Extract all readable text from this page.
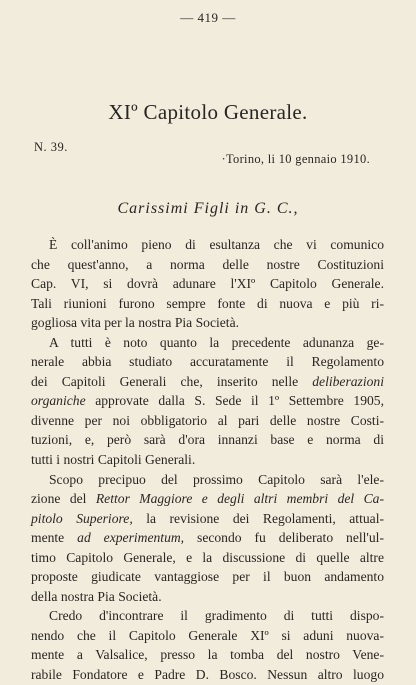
— 419 —
XIº Capitolo Generale.
N. 39.
·Torino, li 10 gennaio 1910.
Carissimi Figli in G. C.,
È coll'animo pieno di esultanza che vi comunico
che quest'anno, a norma delle nostre Costituzioni
Cap. VI, si dovrà adunare l'XIº Capitolo Generale.
Tali riunioni furono sempre fonte di nuova e più ri-
gogliosa vita per la nostra Pia Società.
A tutti è noto quanto la precedente adunanza ge-
nerale abbia studiato accuratamente il Regolamento
dei Capitoli Generali che, inserito nelle deliberazioni
organiche approvate dalla S. Sede il 1º Settembre 1905,
divenne per noi obbligatorio al pari delle nostre Costi-
tuzioni, e, però sarà d'ora innanzi base e norma di
tutti i nostri Capitoli Generali.
Scopo precipuo del prossimo Capitolo sarà l'ele-
zione del Rettor Maggiore e degli altri membri del Ca-
pitolo Superiore, la revisione dei Regolamenti, attual-
mente ad experimentum, secondo fu deliberato nell'ul-
timo Capitolo Generale, e la discussione di quelle altre
proposte giudicate vantaggiose per il buon andamento
della nostra Pia Società.
Credo d'incontrare il gradimento di tutti dispo-
nendo che il Capitolo Generale XIº si aduni nuova-
mente a Valsalice, presso la tomba del nostro Vene-
rabile Fondatore e Padre D. Bosco. Nessun altro luogo
